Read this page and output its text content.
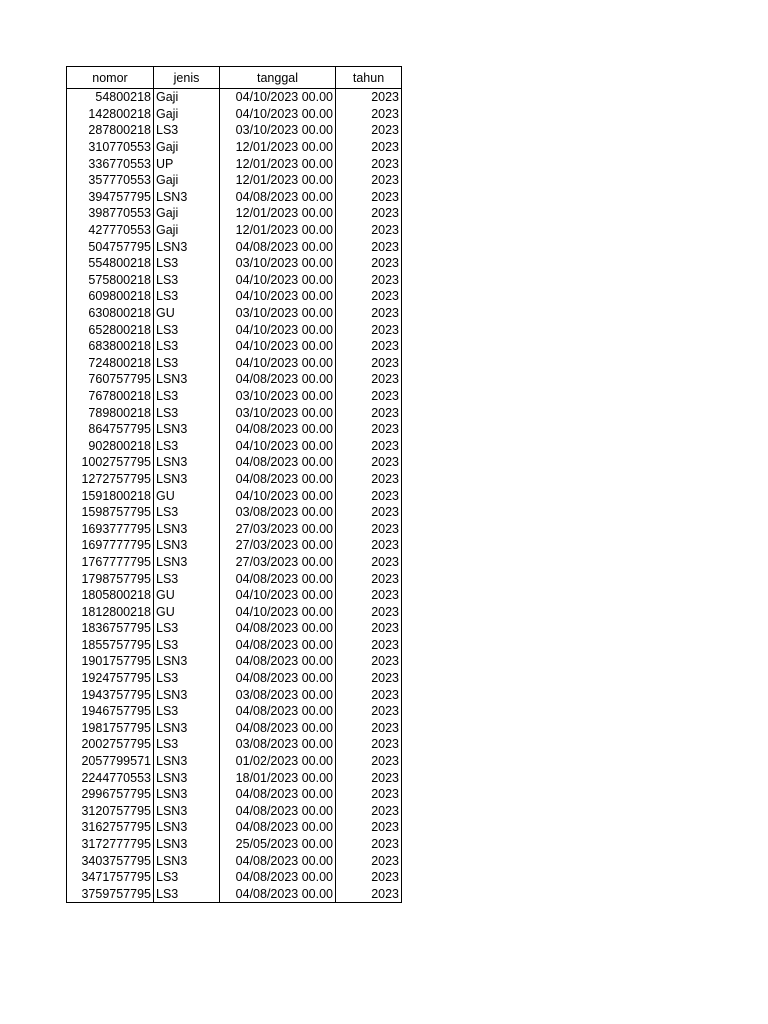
nomor	jenis	tanggal	tahun
54800218	Gaji	04/10/2023 00.00	2023
142800218	Gaji	04/10/2023 00.00	2023
287800218	LS3	03/10/2023 00.00	2023
310770553	Gaji	12/01/2023 00.00	2023
336770553	UP	12/01/2023 00.00	2023
357770553	Gaji	12/01/2023 00.00	2023
394757795	LSN3	04/08/2023 00.00	2023
398770553	Gaji	12/01/2023 00.00	2023
427770553	Gaji	12/01/2023 00.00	2023
504757795	LSN3	04/08/2023 00.00	2023
554800218	LS3	03/10/2023 00.00	2023
575800218	LS3	04/10/2023 00.00	2023
609800218	LS3	04/10/2023 00.00	2023
630800218	GU	03/10/2023 00.00	2023
652800218	LS3	04/10/2023 00.00	2023
683800218	LS3	04/10/2023 00.00	2023
724800218	LS3	04/10/2023 00.00	2023
760757795	LSN3	04/08/2023 00.00	2023
767800218	LS3	03/10/2023 00.00	2023
789800218	LS3	03/10/2023 00.00	2023
864757795	LSN3	04/08/2023 00.00	2023
902800218	LS3	04/10/2023 00.00	2023
1002757795	LSN3	04/08/2023 00.00	2023
1272757795	LSN3	04/08/2023 00.00	2023
1591800218	GU	04/10/2023 00.00	2023
1598757795	LS3	03/08/2023 00.00	2023
1693777795	LSN3	27/03/2023 00.00	2023
1697777795	LSN3	27/03/2023 00.00	2023
1767777795	LSN3	27/03/2023 00.00	2023
1798757795	LS3	04/08/2023 00.00	2023
1805800218	GU	04/10/2023 00.00	2023
1812800218	GU	04/10/2023 00.00	2023
1836757795	LS3	04/08/2023 00.00	2023
1855757795	LS3	04/08/2023 00.00	2023
1901757795	LSN3	04/08/2023 00.00	2023
1924757795	LS3	04/08/2023 00.00	2023
1943757795	LSN3	03/08/2023 00.00	2023
1946757795	LS3	04/08/2023 00.00	2023
1981757795	LSN3	04/08/2023 00.00	2023
2002757795	LS3	03/08/2023 00.00	2023
2057799571	LSN3	01/02/2023 00.00	2023
2244770553	LSN3	18/01/2023 00.00	2023
2996757795	LSN3	04/08/2023 00.00	2023
3120757795	LSN3	04/08/2023 00.00	2023
3162757795	LSN3	04/08/2023 00.00	2023
3172777795	LSN3	25/05/2023 00.00	2023
3403757795	LSN3	04/08/2023 00.00	2023
3471757795	LS3	04/08/2023 00.00	2023
3759757795	LS3	04/08/2023 00.00	2023
